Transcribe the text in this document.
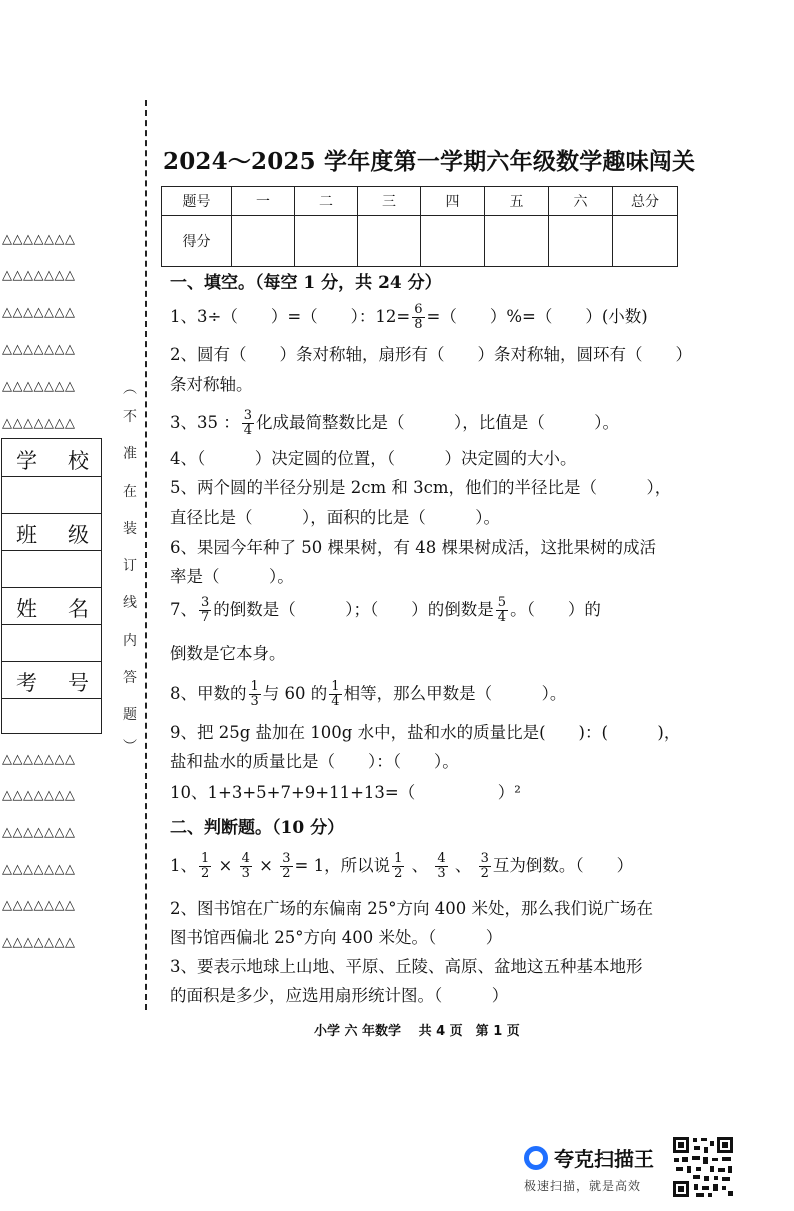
△△△△△△△
△△△△△△△
△△△△△△△
△△△△△△△
△△△△△△△
△△△△△△△
△△△△△△△
△△△△△△△
△△△△△△△
△△△△△△△
△△△△△△△
△△△△△△△
学 校
班 级
姓 名
考 号
︵
不
准
在
装
订
线
内
答
题
︶
2024～2025 学年度第一学期六年级数学趣味闯关
题号	一	二	三	四	五	六	总分
得分							
一、填空。（每空 1 分，共 24 分）
1、3÷（　　）=（　　）：$12= \frac{6}{8}$ =（　　）%=（　　）(小数)
2、圆有（　　）条对称轴，扇形有（　　）条对称轴，圆环有（　　）
条对称轴。
3、35 ： $\frac{3}{4}$ 化成最简整数比是（　　　），比值是（　　　）。
4、（　　　）决定圆的位置，（　　　）决定圆的大小。
5、两个圆的半径分别是 2cm 和 3cm，他们的半径比是（　　　），
直径比是（　　　），面积的比是（　　　）。
6、果园今年种了 50 棵果树，有 48 棵果树成活，这批果树的成活
率是（　　　）。
7、 $\frac{3}{7}$ 的倒数是（　　　）；（　　）的倒数是 $\frac{5}{4}$ 。（　　）的
倒数是它本身。
8、甲数的 $\frac{1}{3}$ 与 60 的 $\frac{1}{4}$ 相等，那么甲数是（　　　）。
9、把 25g 盐加在 100g 水中，盐和水的质量比是(　　)：(　　　)，
盐和盐水的质量比是（　　）：（　　）。
10、1+3+5+7+9+11+13=（　　　　　）²
二、判断题。（10 分）
1、 $\frac{1}{2} \times \frac{4}{3} \times \frac{3}{2} = 1$，所以说 $\frac{1}{2}$ 、 $\frac{4}{3}$ 、 $\frac{3}{2}$ 互为倒数。（　　）
2、图书馆在广场的东偏南 25°方向 400 米处，那么我们说广场在
图书馆西偏北 25°方向 400 米处。（　　　）
3、要表示地球上山地、平原、丘陵、高原、盆地这五种基本地形
的面积是多少，应选用扇形统计图。（　　　）
小学 六 年数学　 共 4 页　第 1 页
夸克扫描王
极速扫描，就是高效
